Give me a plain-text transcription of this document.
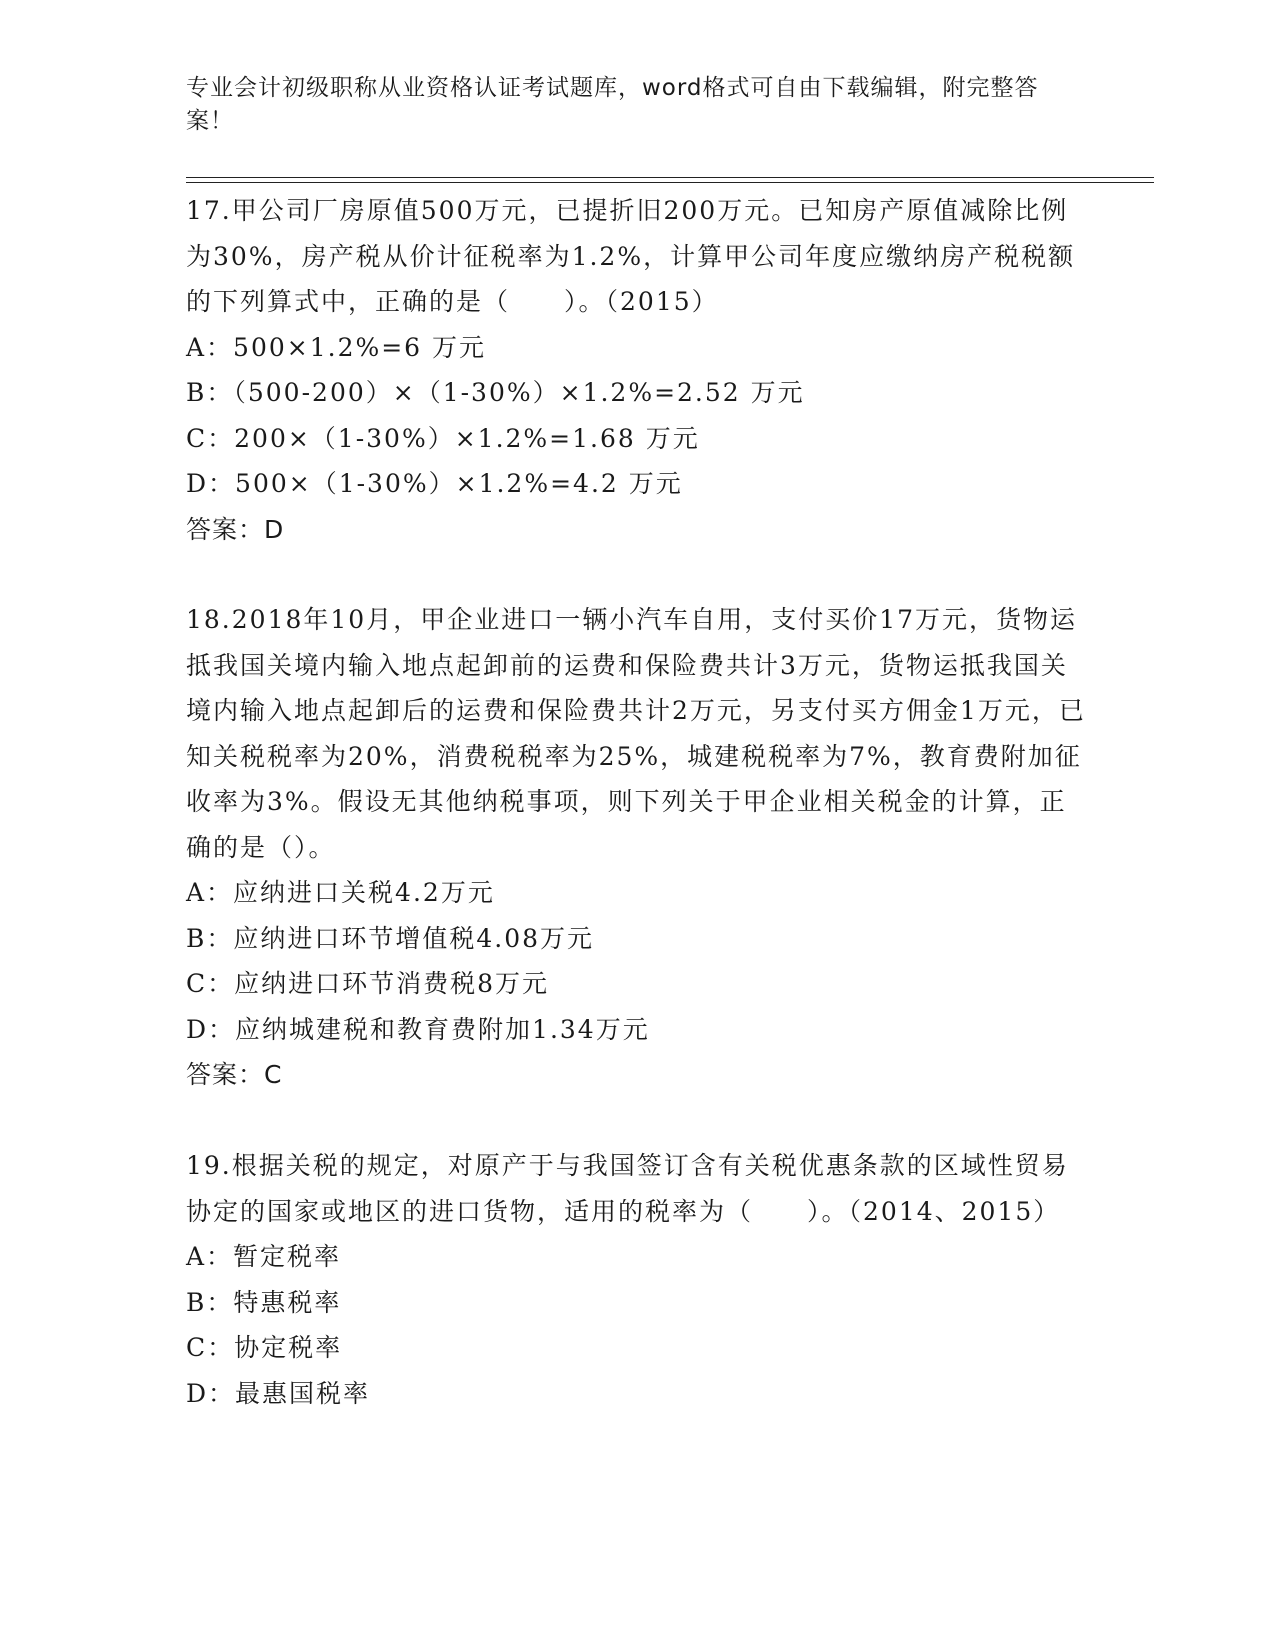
专业会计初级职称从业资格认证考试题库，word格式可自由下载编辑，附完整答案！
17.甲公司厂房原值500万元，已提折旧200万元。已知房产原值减除比例为30%，房产税从价计征税率为1.2%，计算甲公司年度应缴纳房产税税额的下列算式中，正确的是（　　）。（2015）
A：500×1.2%=6 万元
B：（500-200）×（1-30%）×1.2%=2.52 万元
C：200×（1-30%）×1.2%=1.68 万元
D：500×（1-30%）×1.2%=4.2 万元
答案：D
18.2018年10月，甲企业进口一辆小汽车自用，支付买价17万元，货物运抵我国关境内输入地点起卸前的运费和保险费共计3万元，货物运抵我国关境内输入地点起卸后的运费和保险费共计2万元，另支付买方佣金1万元，已知关税税率为20%，消费税税率为25%，城建税税率为7%，教育费附加征收率为3%。假设无其他纳税事项，则下列关于甲企业相关税金的计算，正确的是（）。
A：应纳进口关税4.2万元
B：应纳进口环节增值税4.08万元
C：应纳进口环节消费税8万元
D：应纳城建税和教育费附加1.34万元
答案：C
19.根据关税的规定，对原产于与我国签订含有关税优惠条款的区域性贸易协定的国家或地区的进口货物，适用的税率为（　　）。（2014、2015）
A：暂定税率
B：特惠税率
C：协定税率
D：最惠国税率
